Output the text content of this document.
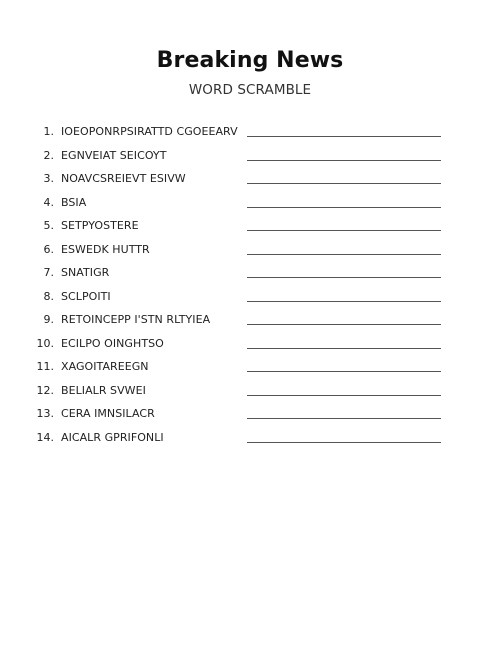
Breaking News
WORD SCRAMBLE
1. IOEOPONRPSIRATTD CGOEEARV
2. EGNVEIAT SEICOYT
3. NOAVCSREIEVT ESIVW
4. BSIA
5. SETPYOSTERE
6. ESWEDK HUTTR
7. SNATIGR
8. SCLPOITI
9. RETOINCEPP I'STN RLTYIEA
10. ECILPO OINGHTSO
11. XAGOITAREEGN
12. BELIALR SVWEI
13. CERA IMNSILACR
14. AICALR GPRIFONLI
